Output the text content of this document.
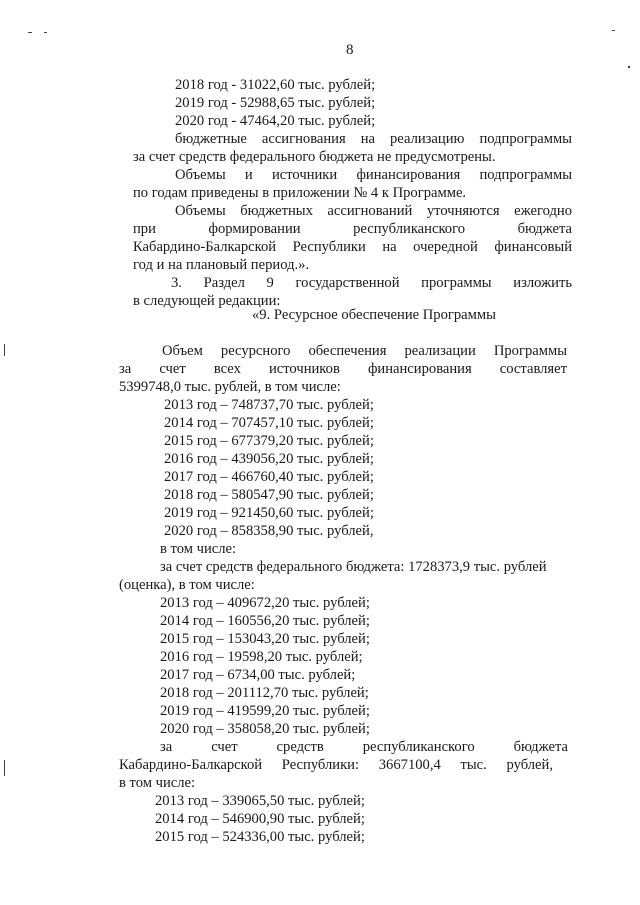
8
2018 год - 31022,60 тыс. рублей;
2019 год - 52988,65 тыс. рублей;
2020 год - 47464,20 тыс. рублей;
бюджетные ассигнования на реализацию подпрограммы
за счет средств федерального бюджета не предусмотрены.
Объемы и источники финансирования подпрограммы
по годам приведены в приложении № 4 к Программе.
Объемы бюджетных ассигнований уточняются ежегодно
при формировании республиканского бюджета
Кабардино-Балкарской Республики на очередной финансовый
год и на плановый период.».
3. Раздел 9 государственной программы изложить
в следующей редакции:
«9. Ресурсное обеспечение Программы
Объем ресурсного обеспечения реализации Программы
за счет всех источников финансирования составляет
5399748,0 тыс. рублей, в том числе:
2013 год – 748737,70 тыс. рублей;
2014 год – 707457,10 тыс. рублей;
2015 год – 677379,20 тыс. рублей;
2016 год – 439056,20 тыс. рублей;
2017 год – 466760,40 тыс. рублей;
2018 год – 580547,90 тыс. рублей;
2019 год – 921450,60 тыс. рублей;
2020 год – 858358,90 тыс. рублей,
в том числе:
за счет средств федерального бюджета: 1728373,9 тыс. рублей
(оценка), в том числе:
2013 год – 409672,20 тыс. рублей;
2014 год – 160556,20 тыс. рублей;
2015 год – 153043,20 тыс. рублей;
2016 год – 19598,20 тыс. рублей;
2017 год – 6734,00 тыс. рублей;
2018 год – 201112,70 тыс. рублей;
2019 год – 419599,20 тыс. рублей;
2020 год – 358058,20 тыс. рублей;
за счет средств республиканского бюджета
Кабардино-Балкарской Республики: 3667100,4 тыс. рублей,
в том числе:
2013 год – 339065,50 тыс. рублей;
2014 год – 546900,90 тыс. рублей;
2015 год – 524336,00 тыс. рублей;
